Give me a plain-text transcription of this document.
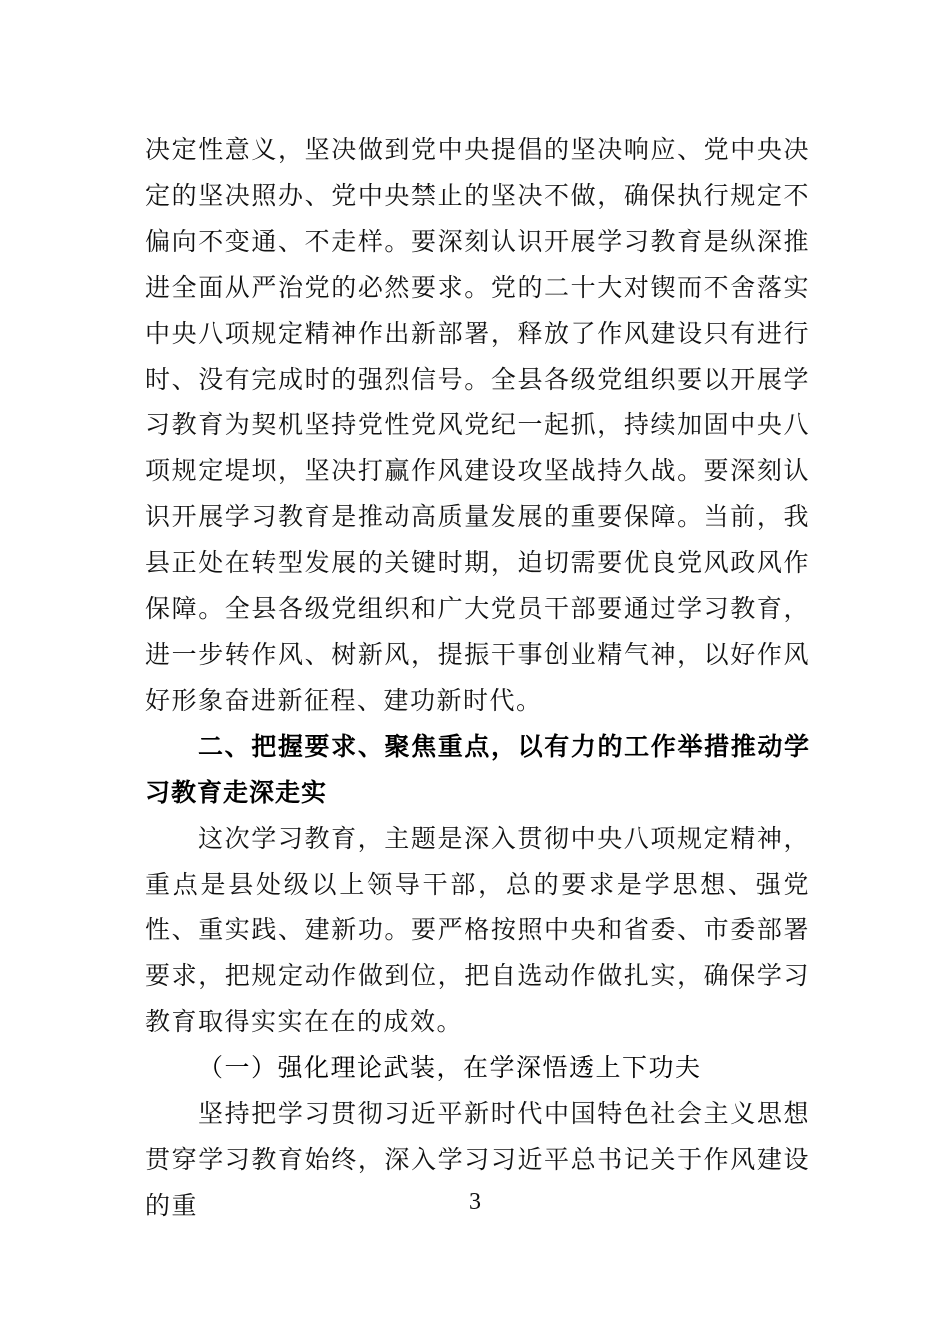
决定性意义，坚决做到党中央提倡的坚决响应、党中央决定的坚决照办、党中央禁止的坚决不做，确保执行规定不偏向不变通、不走样。要深刻认识开展学习教育是纵深推进全面从严治党的必然要求。党的二十大对锲而不舍落实中央八项规定精神作出新部署，释放了作风建设只有进行时、没有完成时的强烈信号。全县各级党组织要以开展学习教育为契机坚持党性党风党纪一起抓，持续加固中央八项规定堤坝，坚决打赢作风建设攻坚战持久战。要深刻认识开展学习教育是推动高质量发展的重要保障。当前，我县正处在转型发展的关键时期，迫切需要优良党风政风作保障。全县各级党组织和广大党员干部要通过学习教育，进一步转作风、树新风，提振干事创业精气神，以好作风好形象奋进新征程、建功新时代。

二、把握要求、聚焦重点，以有力的工作举措推动学习教育走深走实

这次学习教育，主题是深入贯彻中央八项规定精神，重点是县处级以上领导干部，总的要求是学思想、强党性、重实践、建新功。要严格按照中央和省委、市委部署要求，把规定动作做到位，把自选动作做扎实，确保学习教育取得实实在在的成效。

（一）强化理论武装，在学深悟透上下功夫

坚持把学习贯彻习近平新时代中国特色社会主义思想贯穿学习教育始终，深入学习习近平总书记关于作风建设的重	3
